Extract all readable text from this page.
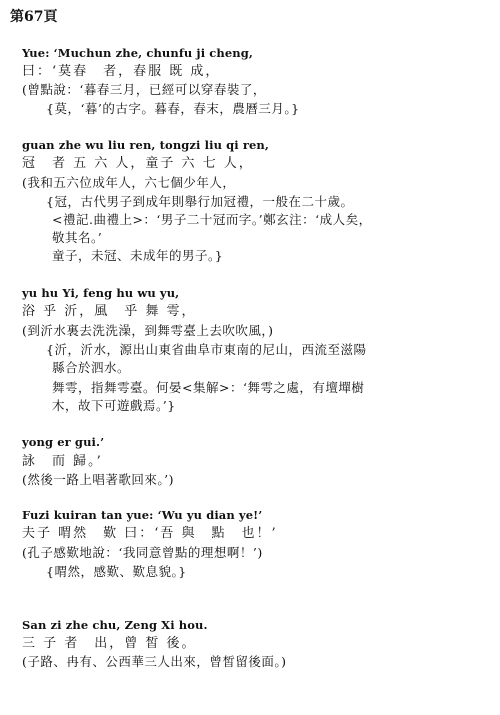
第67頁
Yue: ‘Muchun zhe, chunfu ji cheng,
曰：‘莫春　者，春服 既 成，
(曾點說：‘暮春三月，已經可以穿春裝了，
{莫，‘暮’的古字。暮春，春末，農曆三月。}
guan zhe wu liu ren, tongzi liu qi ren,
冠　者 五 六 人，童子 六 七 人，
(我和五六位成年人，六七個少年人，
{冠，古代男子到成年則舉行加冠禮，一般在二十歲。
<禮記.曲禮上>：‘男子二十冠而字。’鄭玄注：‘成人矣，
敬其名。’
童子，未冠、未成年的男子。}
yu hu Yi, feng hu wu yu,
浴 乎 沂，風　乎 舞 雩，
(到沂水裏去洗洗澡，到舞雩臺上去吹吹風，)
{沂，沂水，源出山東省曲阜市東南的尼山，西流至滋陽
縣合於泗水。
舞雩，指舞雩臺。何晏<集解>：‘舞雩之處，有壇墠樹
木，故下可遊戲焉。’}
yong er gui.’
詠　而 歸。’
(然後一路上唱著歌回來。’)
Fuzi kuiran tan yue: ‘Wu yu dian ye!’
夫子 喟然　歎 曰：‘吾 與　點　也！’
(孔子感歎地說：‘我同意曾點的理想啊！’)
{喟然，感歎、歎息貌。}
San zi zhe chu, Zeng Xi hou.
三 子 者　出，曾 皙 後。
(子路、冉有、公西華三人出來，曾皙留後面。)
